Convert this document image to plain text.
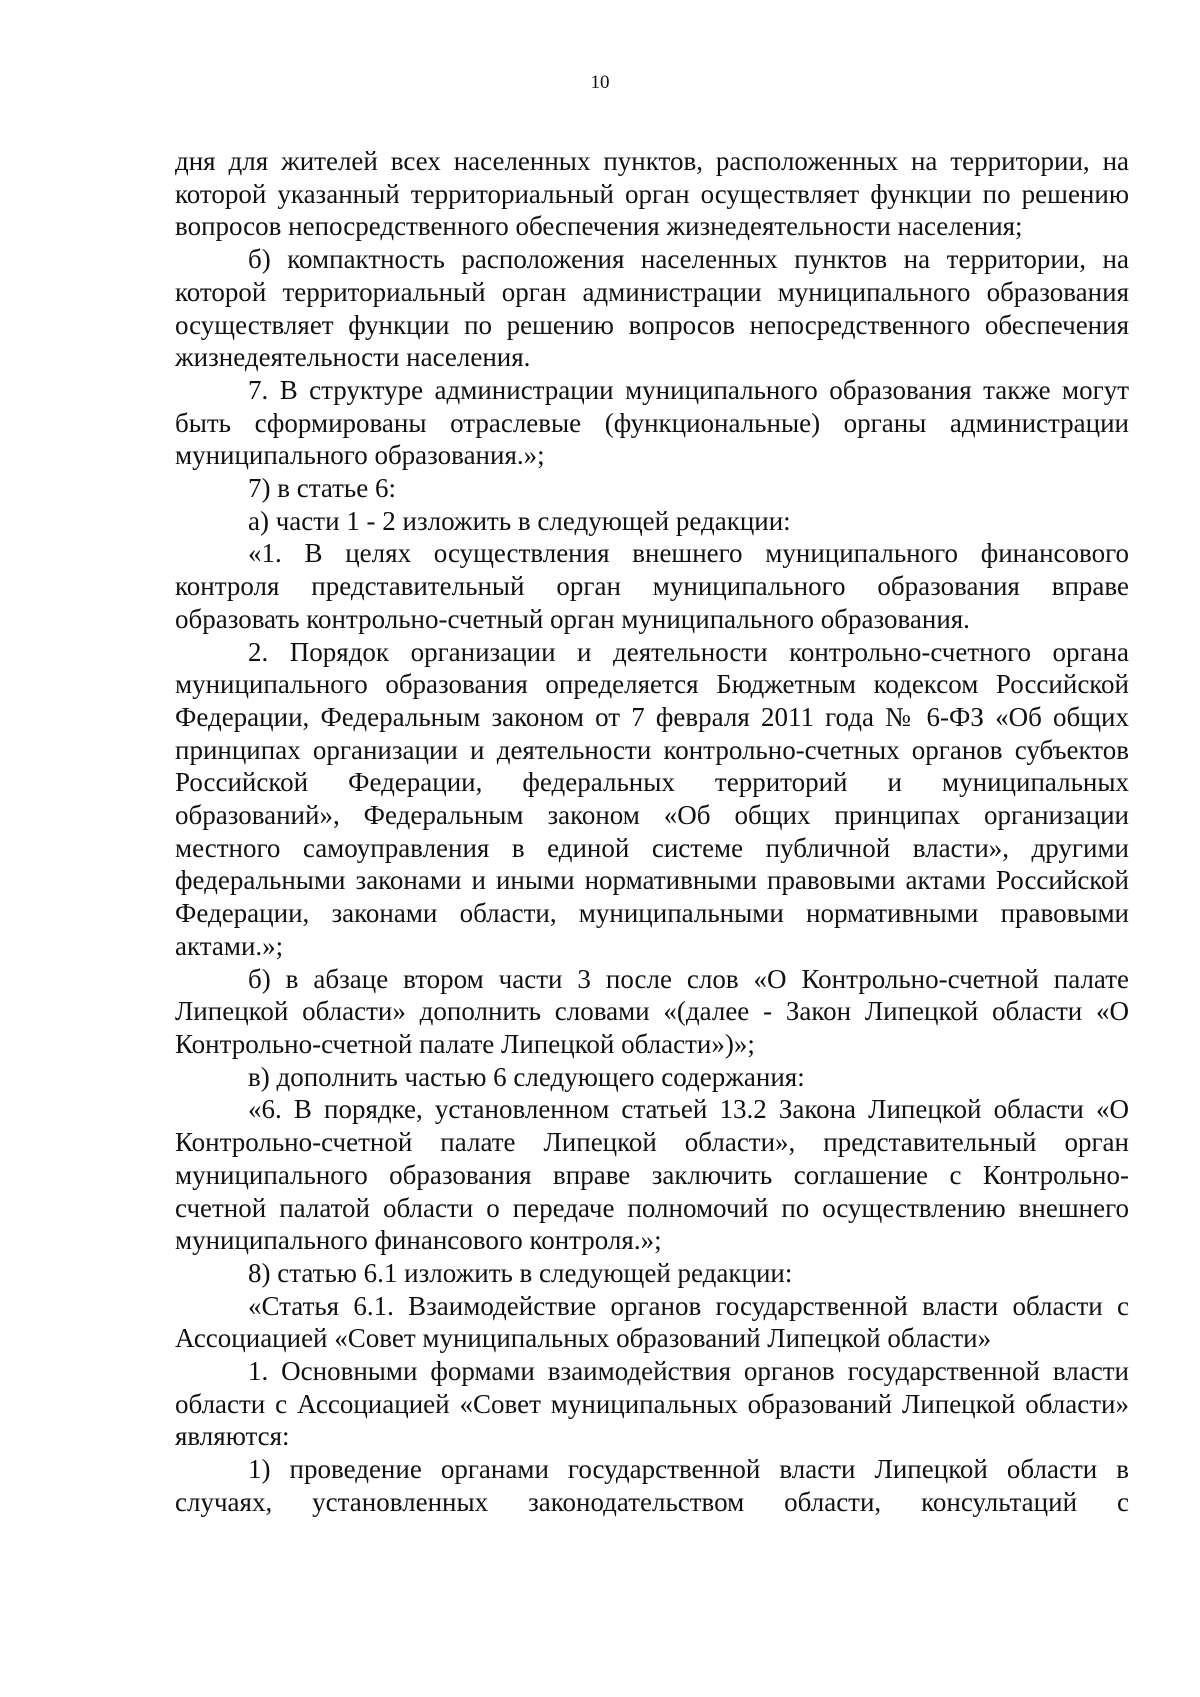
10

дня для жителей всех населенных пунктов, расположенных на территории, на которой указанный территориальный орган осуществляет функции по решению вопросов непосредственного обеспечения жизнедеятельности населения;

б) компактность расположения населенных пунктов на территории, на которой территориальный орган администрации муниципального образования осуществляет функции по решению вопросов непосредственного обеспечения жизнедеятельности населения.

7. В структуре администрации муниципального образования также могут быть сформированы отраслевые (функциональные) органы администрации муниципального образования.»;

7) в статье 6:

а) части 1 - 2 изложить в следующей редакции:

«1. В целях осуществления внешнего муниципального финансового контроля представительный орган муниципального образования вправе образовать контрольно-счетный орган муниципального образования.

2. Порядок организации и деятельности контрольно-счетного органа муниципального образования определяется Бюджетным кодексом Российской Федерации, Федеральным законом от 7 февраля 2011 года № 6-ФЗ «Об общих принципах организации и деятельности контрольно-счетных органов субъектов Российской Федерации, федеральных территорий и муниципальных образований», Федеральным законом «Об общих принципах организации местного самоуправления в единой системе публичной власти», другими федеральными законами и иными нормативными правовыми актами Российской Федерации, законами области, муниципальными нормативными правовыми актами.»;

б) в абзаце втором части 3 после слов «О Контрольно-счетной палате Липецкой области» дополнить словами «(далее - Закон Липецкой области «О Контрольно-счетной палате Липецкой области»)»;

в) дополнить частью 6 следующего содержания:

«6. В порядке, установленном статьей 13.2 Закона Липецкой области «О Контрольно-счетной палате Липецкой области», представительный орган муниципального образования вправе заключить соглашение с Контрольно-счетной палатой области о передаче полномочий по осуществлению внешнего муниципального финансового контроля.»;

8) статью 6.1 изложить в следующей редакции:

«Статья 6.1. Взаимодействие органов государственной власти области с Ассоциацией «Совет муниципальных образований Липецкой области»

1. Основными формами взаимодействия органов государственной власти области с Ассоциацией «Совет муниципальных образований Липецкой области» являются:

1) проведение органами государственной власти Липецкой области в случаях, установленных законодательством области, консультаций с
